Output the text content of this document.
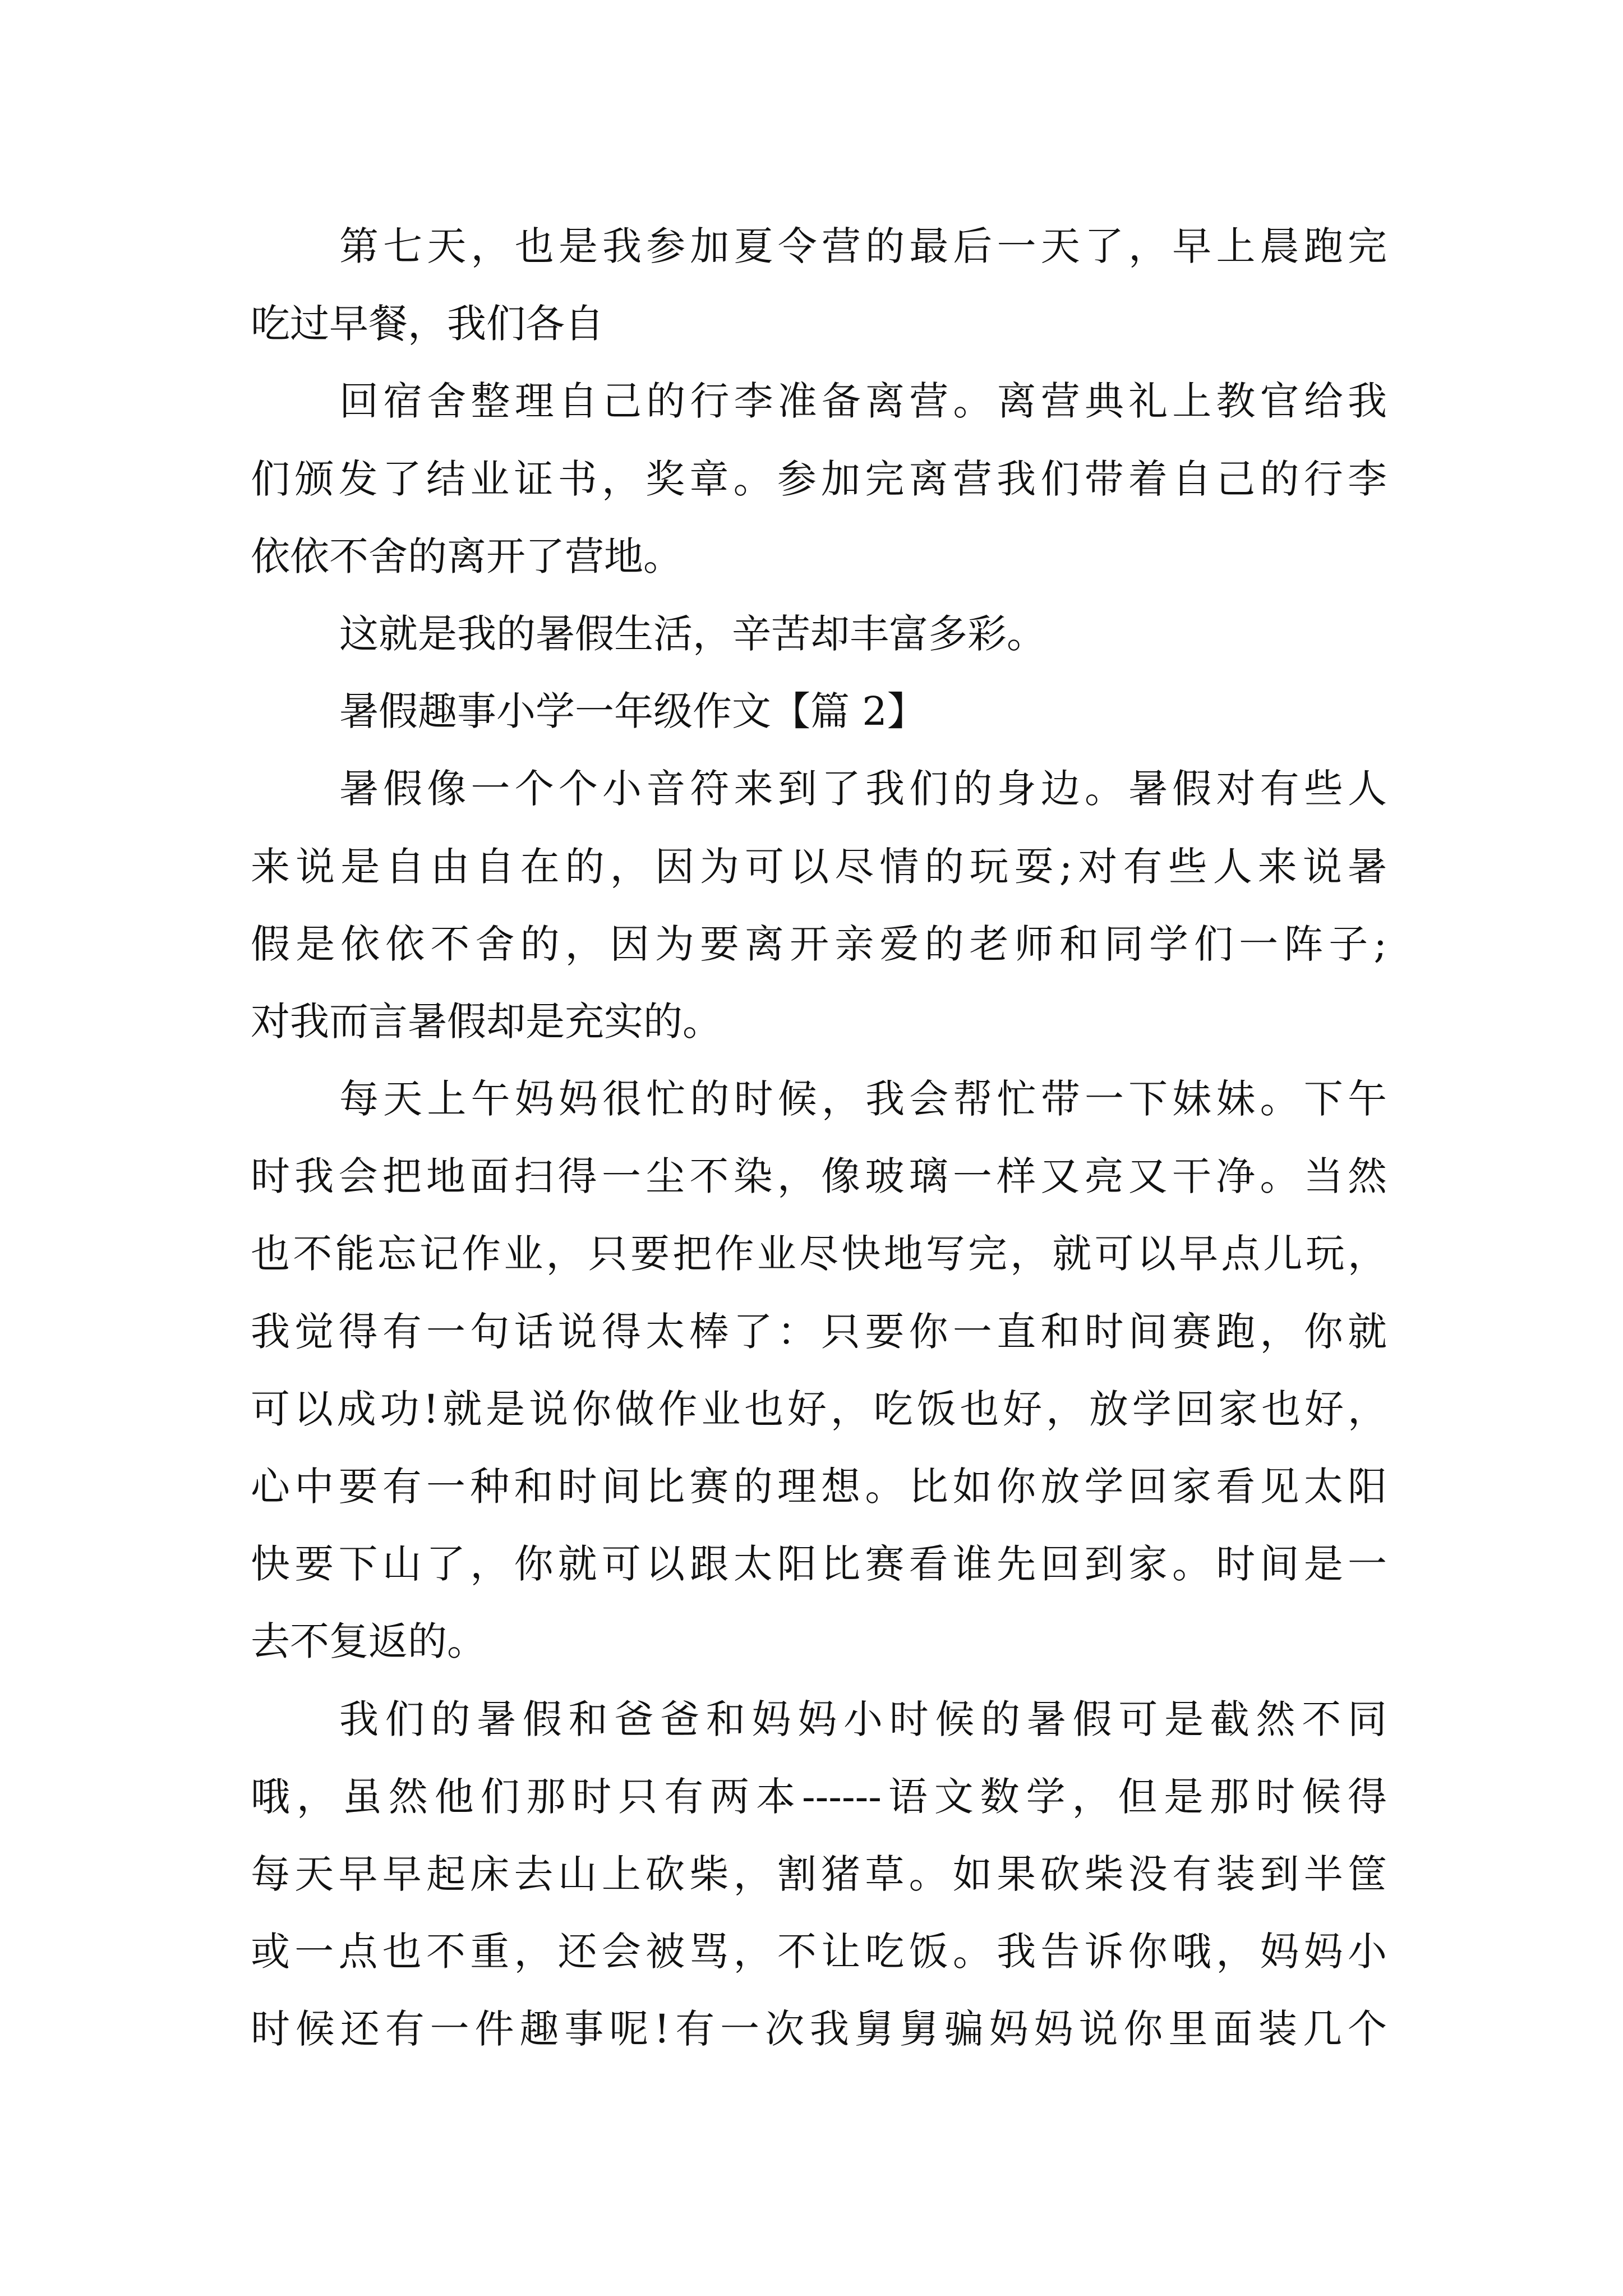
第七天，也是我参加夏令营的最后一天了，早上晨跑完
吃过早餐，我们各自
回宿舍整理自己的行李准备离营。离营典礼上教官给我
们颁发了结业证书，奖章。参加完离营我们带着自己的行李
依依不舍的离开了营地。
这就是我的暑假生活，辛苦却丰富多彩。
暑假趣事小学一年级作文【篇 2】
暑假像一个个小音符来到了我们的身边。暑假对有些人
来说是自由自在的，因为可以尽情的玩耍;对有些人来说暑
假是依依不舍的，因为要离开亲爱的老师和同学们一阵子;
对我而言暑假却是充实的。
每天上午妈妈很忙的时候，我会帮忙带一下妹妹。下午
时我会把地面扫得一尘不染，像玻璃一样又亮又干净。当然
也不能忘记作业，只要把作业尽快地写完，就可以早点儿玩，
我觉得有一句话说得太棒了：只要你一直和时间赛跑，你就
可以成功!就是说你做作业也好，吃饭也好，放学回家也好，
心中要有一种和时间比赛的理想。比如你放学回家看见太阳
快要下山了，你就可以跟太阳比赛看谁先回到家。时间是一
去不复返的。
我们的暑假和爸爸和妈妈小时候的暑假可是截然不同
哦，虽然他们那时只有两本------语文数学，但是那时候得
每天早早起床去山上砍柴，割猪草。如果砍柴没有装到半筐
或一点也不重，还会被骂，不让吃饭。我告诉你哦，妈妈小
时候还有一件趣事呢!有一次我舅舅骗妈妈说你里面装几个
